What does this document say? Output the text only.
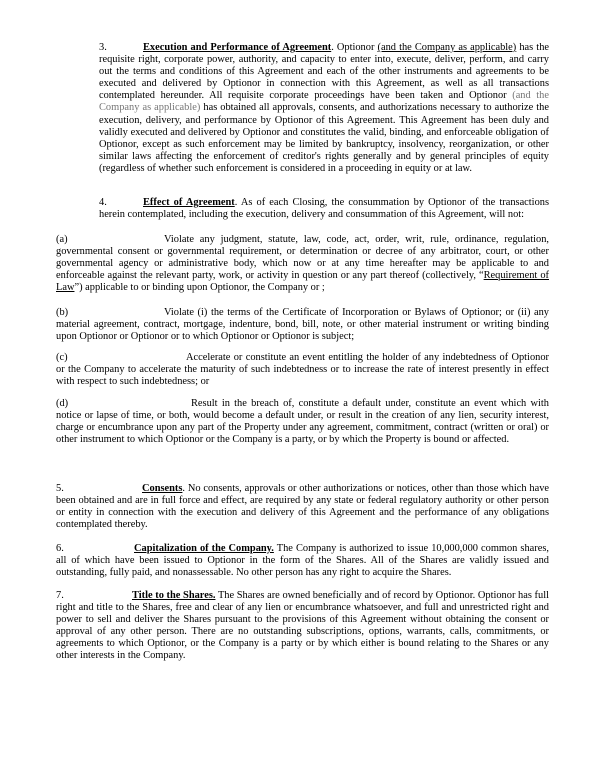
3.	Execution and Performance of Agreement. Optionor (and the Company as applicable) has the requisite right, corporate power, authority, and capacity to enter into, execute, deliver, perform, and carry out the terms and conditions of this Agreement and each of the other instruments and agreements to be executed and delivered by Optionor in connection with this Agreement, as well as all transactions contemplated hereunder. All requisite corporate proceedings have been taken and Optionor (and the Company as applicable) has obtained all approvals, consents, and authorizations necessary to authorize the execution, delivery, and performance by Optionor of this Agreement. This Agreement has been duly and validly executed and delivered by Optionor and constitutes the valid, binding, and enforceable obligation of Optionor, except as such enforcement may be limited by bankruptcy, insolvency, reorganization, or other similar laws affecting the enforcement of creditor's rights generally and by general principles of equity (regardless of whether such enforcement is considered in a proceeding in equity or at law.
4.	Effect of Agreement. As of each Closing, the consummation by Optionor of the transactions herein contemplated, including the execution, delivery and consummation of this Agreement, will not:
(a)	Violate any judgment, statute, law, code, act, order, writ, rule, ordinance, regulation, governmental consent or governmental requirement, or determination or decree of any arbitrator, court, or other governmental agency or administrative body, which now or at any time hereafter may be applicable to and enforceable against the relevant party, work, or activity in question or any part thereof (collectively, “Requirement of Law”) applicable to or binding upon Optionor, the Company or ;
(b)	Violate (i) the terms of the Certificate of Incorporation or Bylaws of Optionor; or (ii) any material agreement, contract, mortgage, indenture, bond, bill, note, or other material instrument or writing binding upon Optionor or Optionor or to which Optionor or Optionor is subject;
(c)	Accelerate or constitute an event entitling the holder of any indebtedness of Optionor or the Company to accelerate the maturity of such indebtedness or to increase the rate of interest presently in effect with respect to such indebtedness; or
(d)	Result in the breach of, constitute a default under, constitute an event which with notice or lapse of time, or both, would become a default under, or result in the creation of any lien, security interest, charge or encumbrance upon any part of the Property under any agreement, commitment, contract (written or oral) or other instrument to which Optionor or the Company is a party, or by which the Property is bound or affected.
5.	Consents. No consents, approvals or other authorizations or notices, other than those which have been obtained and are in full force and effect, are required by any state or federal regulatory authority or other person or entity in connection with the execution and delivery of this Agreement and the performance of any obligations contemplated thereby.
6.	Capitalization of the Company. The Company is authorized to issue 10,000,000 common shares, all of which have been issued to Optionor in the form of the Shares. All of the Shares are validly issued and outstanding, fully paid, and nonassessable. No other person has any right to acquire the Shares.
7.	Title to the Shares. The Shares are owned beneficially and of record by Optionor. Optionor has full right and title to the Shares, free and clear of any lien or encumbrance whatsoever, and full and unrestricted right and power to sell and deliver the Shares pursuant to the provisions of this Agreement without obtaining the consent or approval of any other person. There are no outstanding subscriptions, options, warrants, calls, commitments, or agreements to which Optionor, or the Company is a party or by which either is bound relating to the Shares or any other interests in the Company.
